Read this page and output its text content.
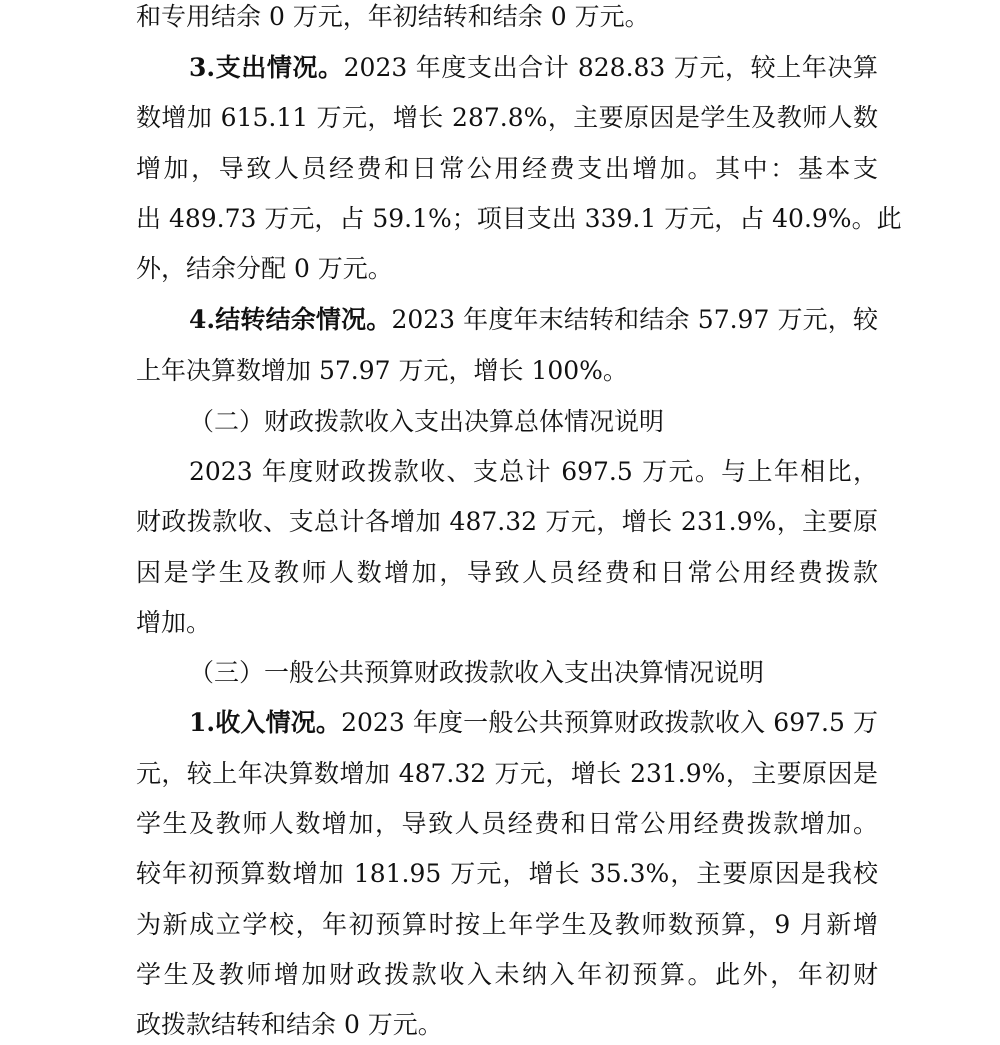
和专用结余 0 万元，年初结转和结余 0 万元。
3.支出情况。2023 年度支出合计 828.83 万元，较上年决算
数增加 615.11 万元，增长 287.8%，主要原因是学生及教师人数
增加，导致人员经费和日常公用经费支出增加。其中：基本支
出 489.73 万元，占 59.1%；项目支出 339.1 万元，占 40.9%。此
外，结余分配 0 万元。
4.结转结余情况。2023 年度年末结转和结余 57.97 万元，较
上年决算数增加 57.97 万元，增长 100%。
（二）财政拨款收入支出决算总体情况说明
2023 年度财政拨款收、支总计 697.5 万元。与上年相比，
财政拨款收、支总计各增加 487.32 万元，增长 231.9%，主要原
因是学生及教师人数增加，导致人员经费和日常公用经费拨款
增加。
（三）一般公共预算财政拨款收入支出决算情况说明
1.收入情况。2023 年度一般公共预算财政拨款收入 697.5 万
元，较上年决算数增加 487.32 万元，增长 231.9%，主要原因是
学生及教师人数增加，导致人员经费和日常公用经费拨款增加。
较年初预算数增加 181.95 万元，增长 35.3%，主要原因是我校
为新成立学校，年初预算时按上年学生及教师数预算，9 月新增
学生及教师增加财政拨款收入未纳入年初预算。此外，年初财
政拨款结转和结余 0 万元。
